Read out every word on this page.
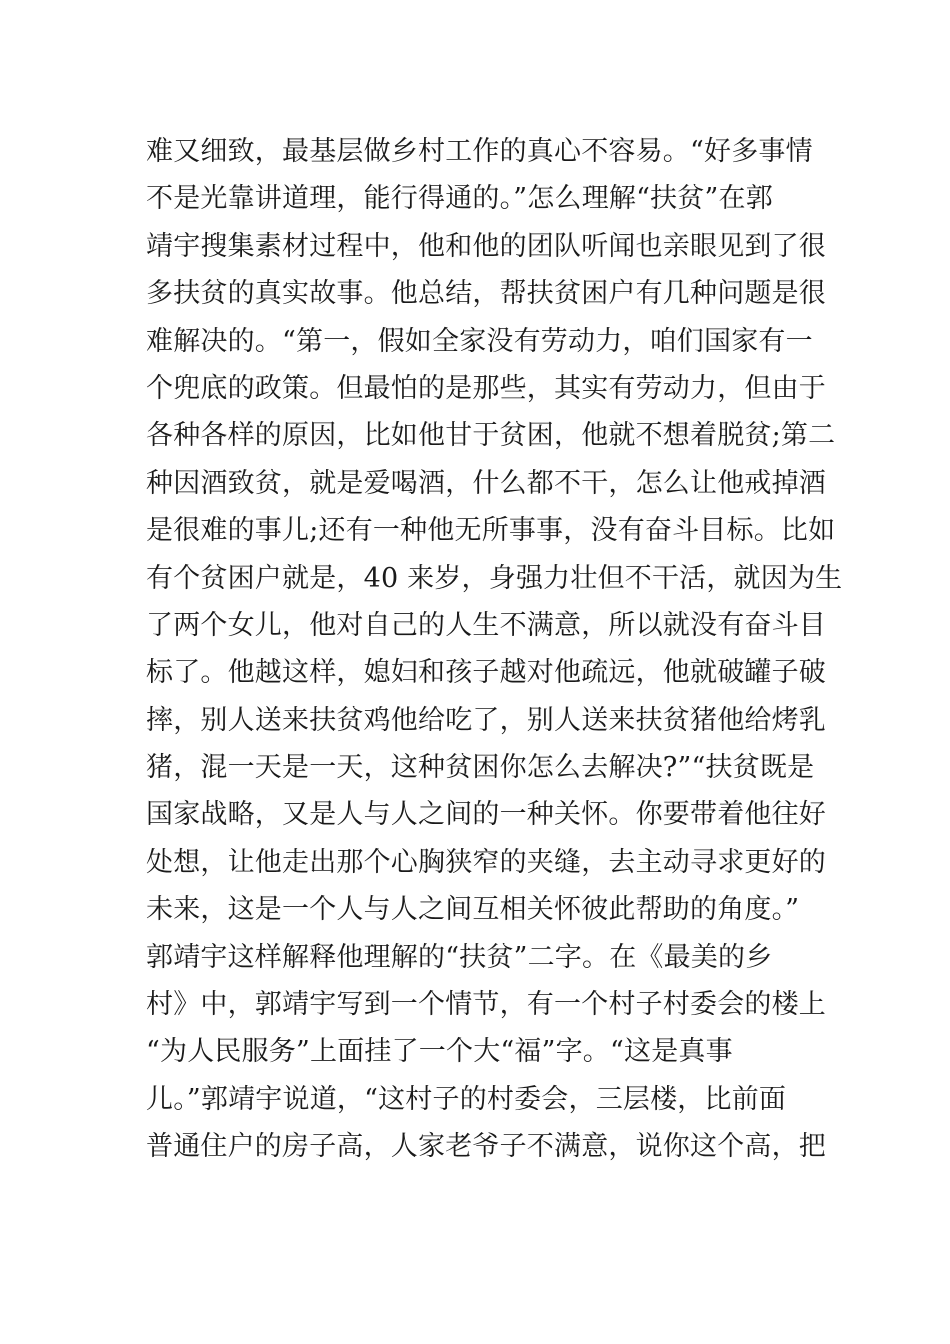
难又细致，最基层做乡村工作的真心不容易。“好多事情
不是光靠讲道理，能行得通的。”怎么理解“扶贫”在郭
靖宇搜集素材过程中，他和他的团队听闻也亲眼见到了很
多扶贫的真实故事。他总结，帮扶贫困户有几种问题是很
难解决的。“第一，假如全家没有劳动力，咱们国家有一
个兜底的政策。但最怕的是那些，其实有劳动力，但由于
各种各样的原因，比如他甘于贫困，他就不想着脱贫;第二
种因酒致贫，就是爱喝酒，什么都不干，怎么让他戒掉酒
是很难的事儿;还有一种他无所事事，没有奋斗目标。比如
有个贫困户就是，40 来岁，身强力壮但不干活，就因为生
了两个女儿，他对自己的人生不满意，所以就没有奋斗目
标了。他越这样，媳妇和孩子越对他疏远，他就破罐子破
摔，别人送来扶贫鸡他给吃了，别人送来扶贫猪他给烤乳
猪，混一天是一天，这种贫困你怎么去解决?”“扶贫既是
国家战略，又是人与人之间的一种关怀。你要带着他往好
处想，让他走出那个心胸狭窄的夹缝，去主动寻求更好的
未来，这是一个人与人之间互相关怀彼此帮助的角度。”
郭靖宇这样解释他理解的“扶贫”二字。在《最美的乡
村》中，郭靖宇写到一个情节，有一个村子村委会的楼上
“为人民服务”上面挂了一个大“福”字。“这是真事
儿。”郭靖宇说道，“这村子的村委会，三层楼，比前面
普通住户的房子高，人家老爷子不满意，说你这个高，把
